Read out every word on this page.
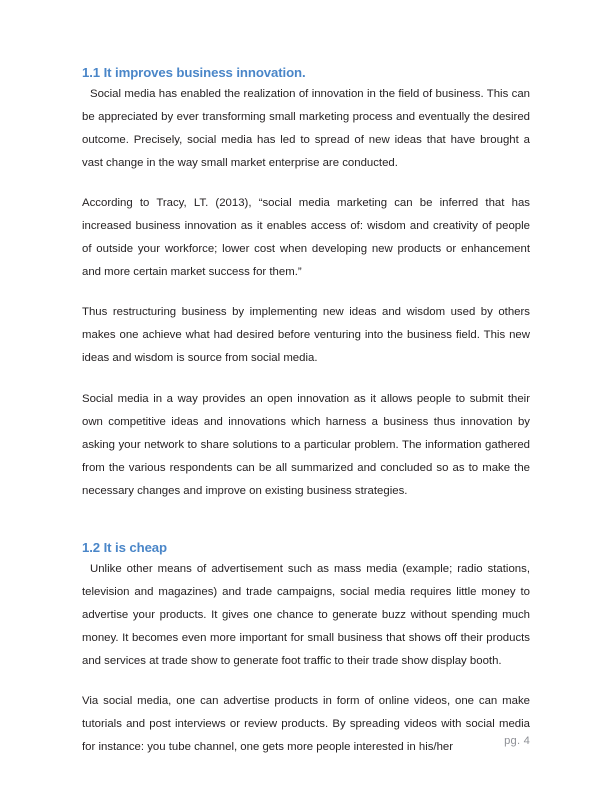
1.1 It improves business innovation.

Social media has enabled the realization of innovation in the field of business. This can be appreciated by ever transforming small marketing process and eventually the desired outcome. Precisely, social media has led to spread of new ideas that have brought a vast change in the way small market enterprise are conducted.

According to Tracy, LT. (2013), “social media marketing can be inferred that has increased business innovation as it enables access of: wisdom and creativity of people of outside your workforce; lower cost when developing new products or enhancement and more certain market success for them.”

Thus restructuring business by implementing new ideas and wisdom used by others makes one achieve what had desired before venturing into the business field. This new ideas and wisdom is source from social media.

Social media in a way provides an open innovation as it allows people to submit their own competitive ideas and innovations which harness a business thus innovation by asking your network to share solutions to a particular problem. The information gathered from the various respondents can be all summarized and concluded so as to make the necessary changes and improve on existing business strategies.

1.2 It is cheap

Unlike other means of advertisement such as mass media (example; radio stations, television and magazines) and trade campaigns, social media requires little money to advertise your products. It gives one chance to generate buzz without spending much money. It becomes even more important for small business that shows off their products and services at trade show to generate foot traffic to their trade show display booth.

Via social media, one can advertise products in form of online videos, one can make tutorials and post interviews or review products. By spreading videos with social media for instance: you tube channel, one gets more people interested in his/her

pg. 4
